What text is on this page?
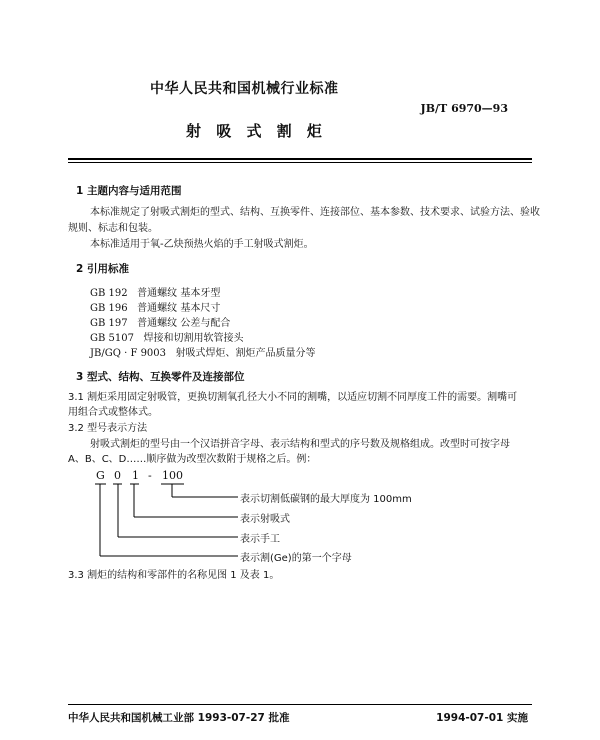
中华人民共和国机械行业标准
JB/T 6970—93
射 吸 式 割 炬
1 主题内容与适用范围
本标准规定了射吸式割炬的型式、结构、互换零件、连接部位、基本参数、技术要求、试验方法、验收
规则、标志和包装。
本标准适用于氧-乙炔预热火焰的手工射吸式割炬。
2 引用标准
GB 192 普通螺纹 基本牙型
GB 196 普通螺纹 基本尺寸
GB 197 普通螺纹 公差与配合
GB 5107 焊接和切割用软管接头
JB/GQ · F 9003 射吸式焊炬、割炬产品质量分等
3 型式、结构、互换零件及连接部位
3.1 割炬采用固定射吸管，更换切割氧孔径大小不同的割嘴，以适应切割不同厚度工件的需要。割嘴可
用组合式或整体式。
3.2 型号表示方法
射吸式割炬的型号由一个汉语拼音字母、表示结构和型式的序号数及规格组成。改型时可按字母
A、B、C、D……顺序做为改型次数附于规格之后。例：
G 0 1 - 100
表示切割低碳钢的最大厚度为 100mm
表示射吸式
表示手工
表示割(Ge)的第一个字母
3.3 割炬的结构和零部件的名称见图 1 及表 1。
中华人民共和国机械工业部 1993-07-27 批准	1994-07-01 实施
